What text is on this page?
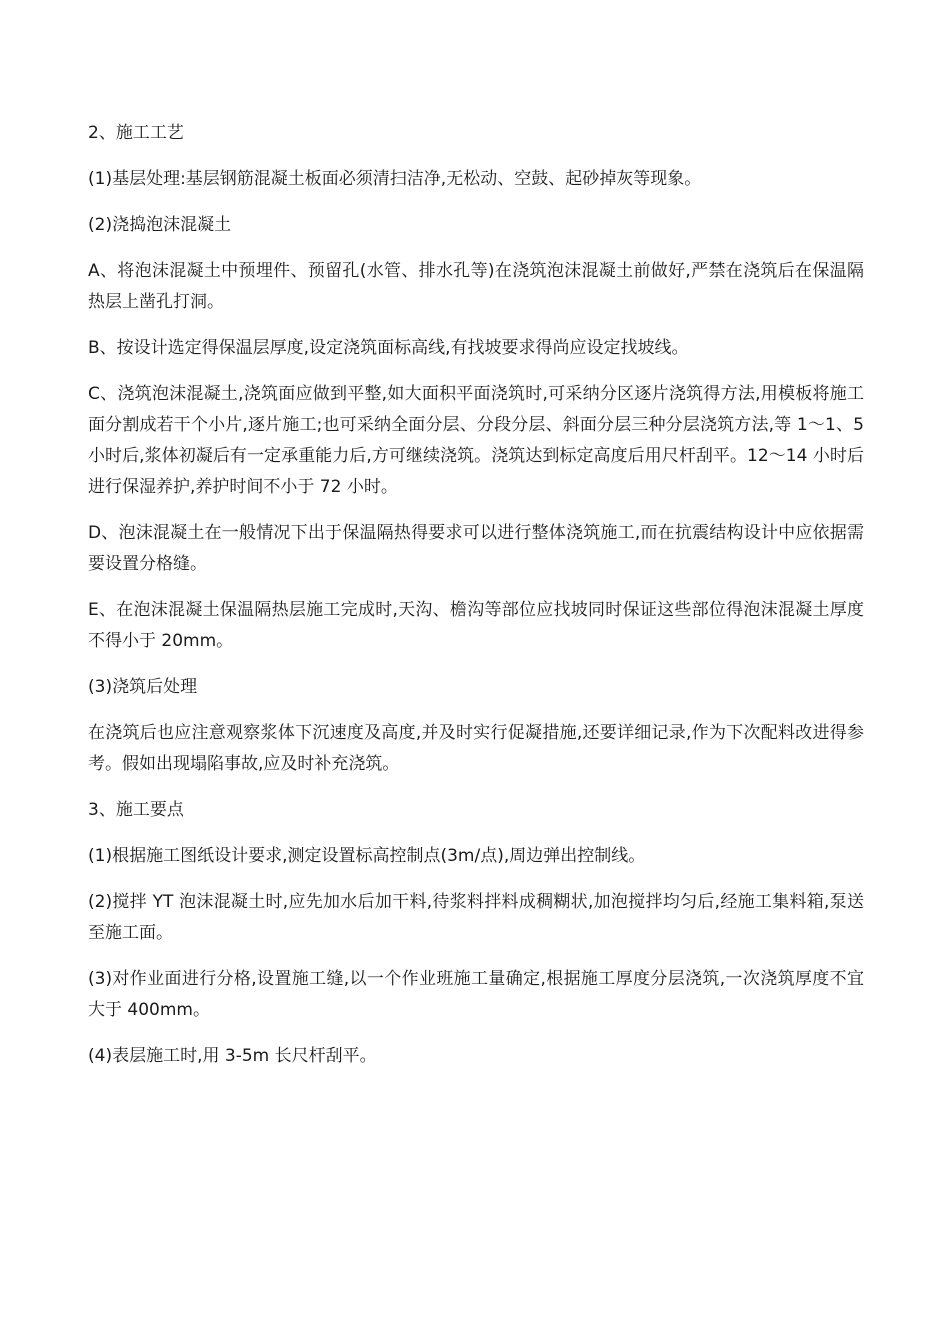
2、施工工艺

(1)基层处理:基层钢筋混凝土板面必须清扫洁净,无松动、空鼓、起砂掉灰等现象。

(2)浇捣泡沫混凝土

A、将泡沫混凝土中预埋件、预留孔(水管、排水孔等)在浇筑泡沫混凝土前做好,严禁在浇筑后在保温隔热层上凿孔打洞。

B、按设计选定得保温层厚度,设定浇筑面标高线,有找坡要求得尚应设定找坡线。

C、浇筑泡沫混凝土,浇筑面应做到平整,如大面积平面浇筑时,可采纳分区逐片浇筑得方法,用模板将施工面分割成若干个小片,逐片施工;也可采纳全面分层、分段分层、斜面分层三种分层浇筑方法,等 1～1、5 小时后,浆体初凝后有一定承重能力后,方可继续浇筑。浇筑达到标定高度后用尺杆刮平。12～14 小时后进行保湿养护,养护时间不小于 72 小时。

D、泡沫混凝土在一般情况下出于保温隔热得要求可以进行整体浇筑施工,而在抗震结构设计中应依据需要设置分格缝。

E、在泡沫混凝土保温隔热层施工完成时,天沟、檐沟等部位应找坡同时保证这些部位得泡沫混凝土厚度不得小于 20mm。

(3)浇筑后处理

在浇筑后也应注意观察浆体下沉速度及高度,并及时实行促凝措施,还要详细记录,作为下次配料改进得参考。假如出现塌陷事故,应及时补充浇筑。

3、施工要点

(1)根据施工图纸设计要求,测定设置标高控制点(3m/点),周边弹出控制线。

(2)搅拌 YT 泡沫混凝土时,应先加水后加干料,待浆料拌料成稠糊状,加泡搅拌均匀后,经施工集料箱,泵送至施工面。

(3)对作业面进行分格,设置施工缝,以一个作业班施工量确定,根据施工厚度分层浇筑,一次浇筑厚度不宜大于 400mm。

(4)表层施工时,用 3-5m 长尺杆刮平。
